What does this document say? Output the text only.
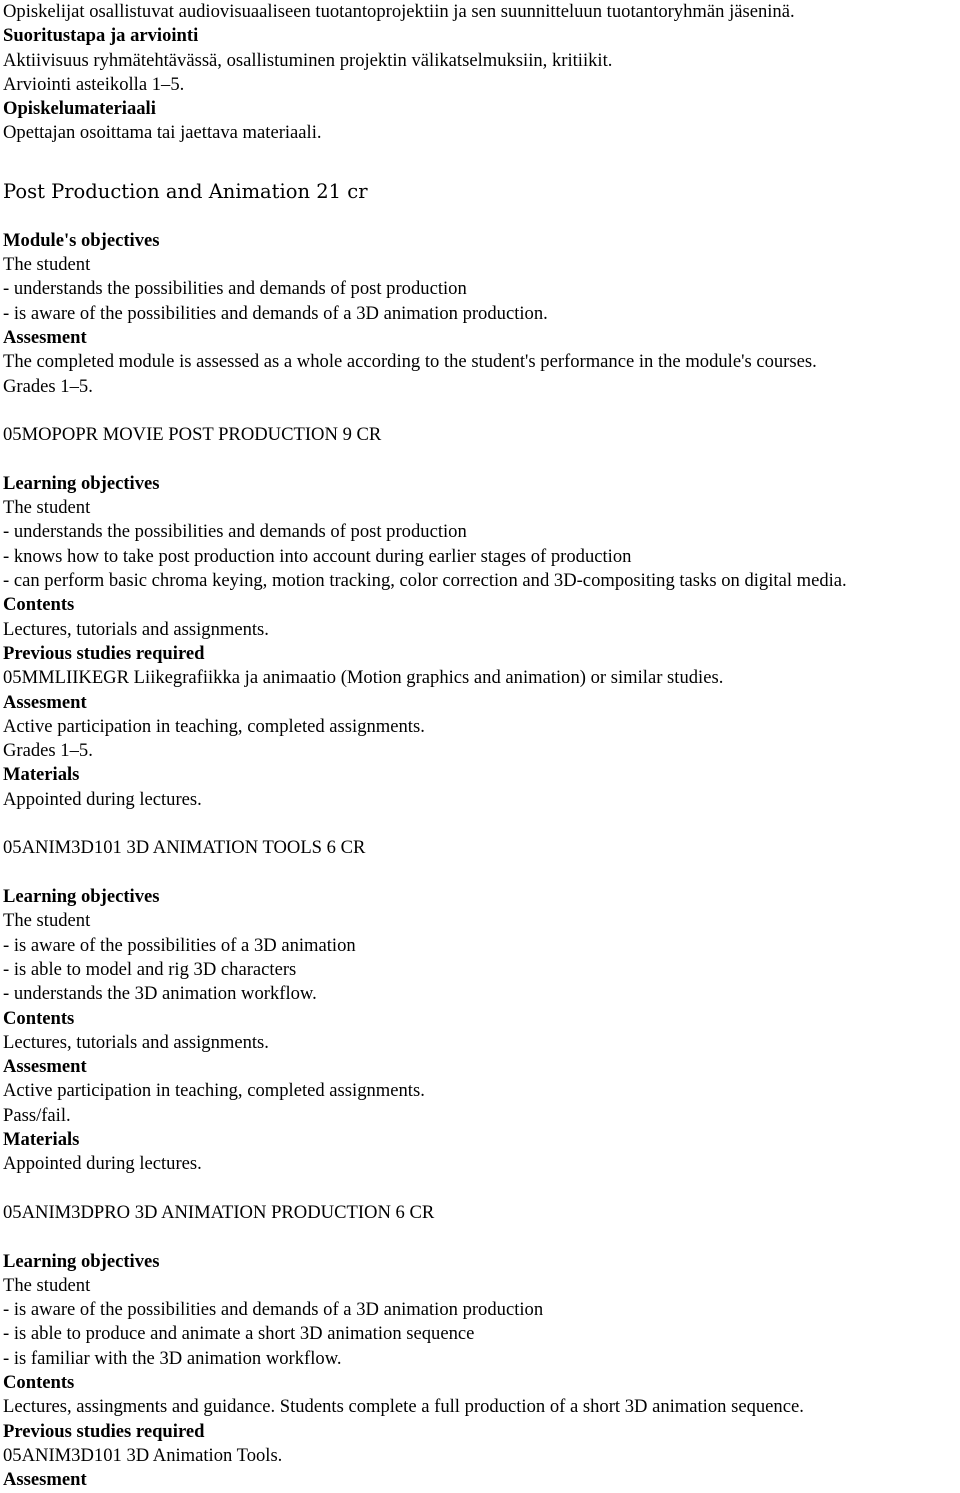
Opiskelijat osallistuvat audiovisuaaliseen tuotantoprojektiin ja sen suunnitteluun tuotantoryhmän jäseninä.
Suoritustapa ja arviointi
Aktiivisuus ryhmätehtävässä, osallistuminen projektin välikatselmuksiin, kritiikit.
Arviointi asteikolla 1–5.
Opiskelumateriaali
Opettajan osoittama tai jaettava materiaali.
Post Production and Animation 21 cr
Module's objectives
The student
- understands the possibilities and demands of post production
- is aware of the possibilities and demands of a 3D animation production.
Assesment
The completed module is assessed as a whole according to the student's performance in the module's courses.
Grades 1–5.
05MOPOPR MOVIE POST PRODUCTION 9 CR
Learning objectives
The student
- understands the possibilities and demands of post production
- knows how to take post production into account during earlier stages of production
- can perform basic chroma keying, motion tracking, color correction and 3D-compositing tasks on digital media.
Contents
Lectures, tutorials and assignments.
Previous studies required
05MMLIIKEGR Liikegrafiikka ja animaatio (Motion graphics and animation) or similar studies.
Assesment
Active participation in teaching, completed assignments.
Grades 1–5.
Materials
Appointed during lectures.
05ANIM3D101 3D ANIMATION TOOLS 6 CR
Learning objectives
The student
- is aware of the possibilities of a 3D animation
- is able to model and rig 3D characters
- understands the 3D animation workflow.
Contents
Lectures, tutorials and assignments.
Assesment
Active participation in teaching, completed assignments.
Pass/fail.
Materials
Appointed during lectures.
05ANIM3DPRO 3D ANIMATION PRODUCTION 6 CR
Learning objectives
The student
- is aware of the possibilities and demands of a 3D animation production
- is able to produce and animate a short 3D animation sequence
- is familiar with the 3D animation workflow.
Contents
Lectures, assingments and guidance. Students complete a full production of a short 3D animation sequence.
Previous studies required
05ANIM3D101 3D Animation Tools.
Assesment
